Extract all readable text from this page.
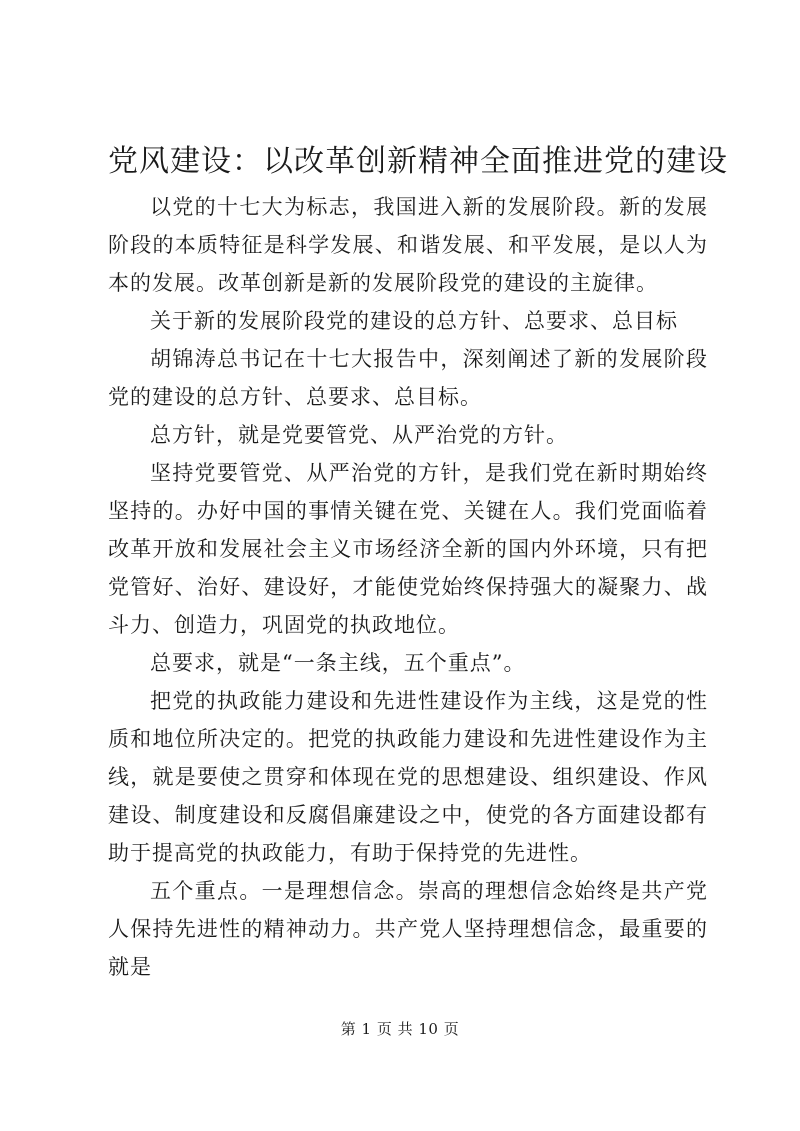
党风建设：以改革创新精神全面推进党的建设

以党的十七大为标志，我国进入新的发展阶段。新的发展阶段的本质特征是科学发展、和谐发展、和平发展，是以人为本的发展。改革创新是新的发展阶段党的建设的主旋律。

关于新的发展阶段党的建设的总方针、总要求、总目标

胡锦涛总书记在十七大报告中，深刻阐述了新的发展阶段党的建设的总方针、总要求、总目标。

总方针，就是党要管党、从严治党的方针。

坚持党要管党、从严治党的方针，是我们党在新时期始终坚持的。办好中国的事情关键在党、关键在人。我们党面临着改革开放和发展社会主义市场经济全新的国内外环境，只有把党管好、治好、建设好，才能使党始终保持强大的凝聚力、战斗力、创造力，巩固党的执政地位。

总要求，就是“一条主线，五个重点”。

把党的执政能力建设和先进性建设作为主线，这是党的性质和地位所决定的。把党的执政能力建设和先进性建设作为主线，就是要使之贯穿和体现在党的思想建设、组织建设、作风建设、制度建设和反腐倡廉建设之中，使党的各方面建设都有助于提高党的执政能力，有助于保持党的先进性。

五个重点。一是理想信念。崇高的理想信念始终是共产党人保持先进性的精神动力。共产党人坚持理想信念，最重要的就是

第 1 页 共 10 页
